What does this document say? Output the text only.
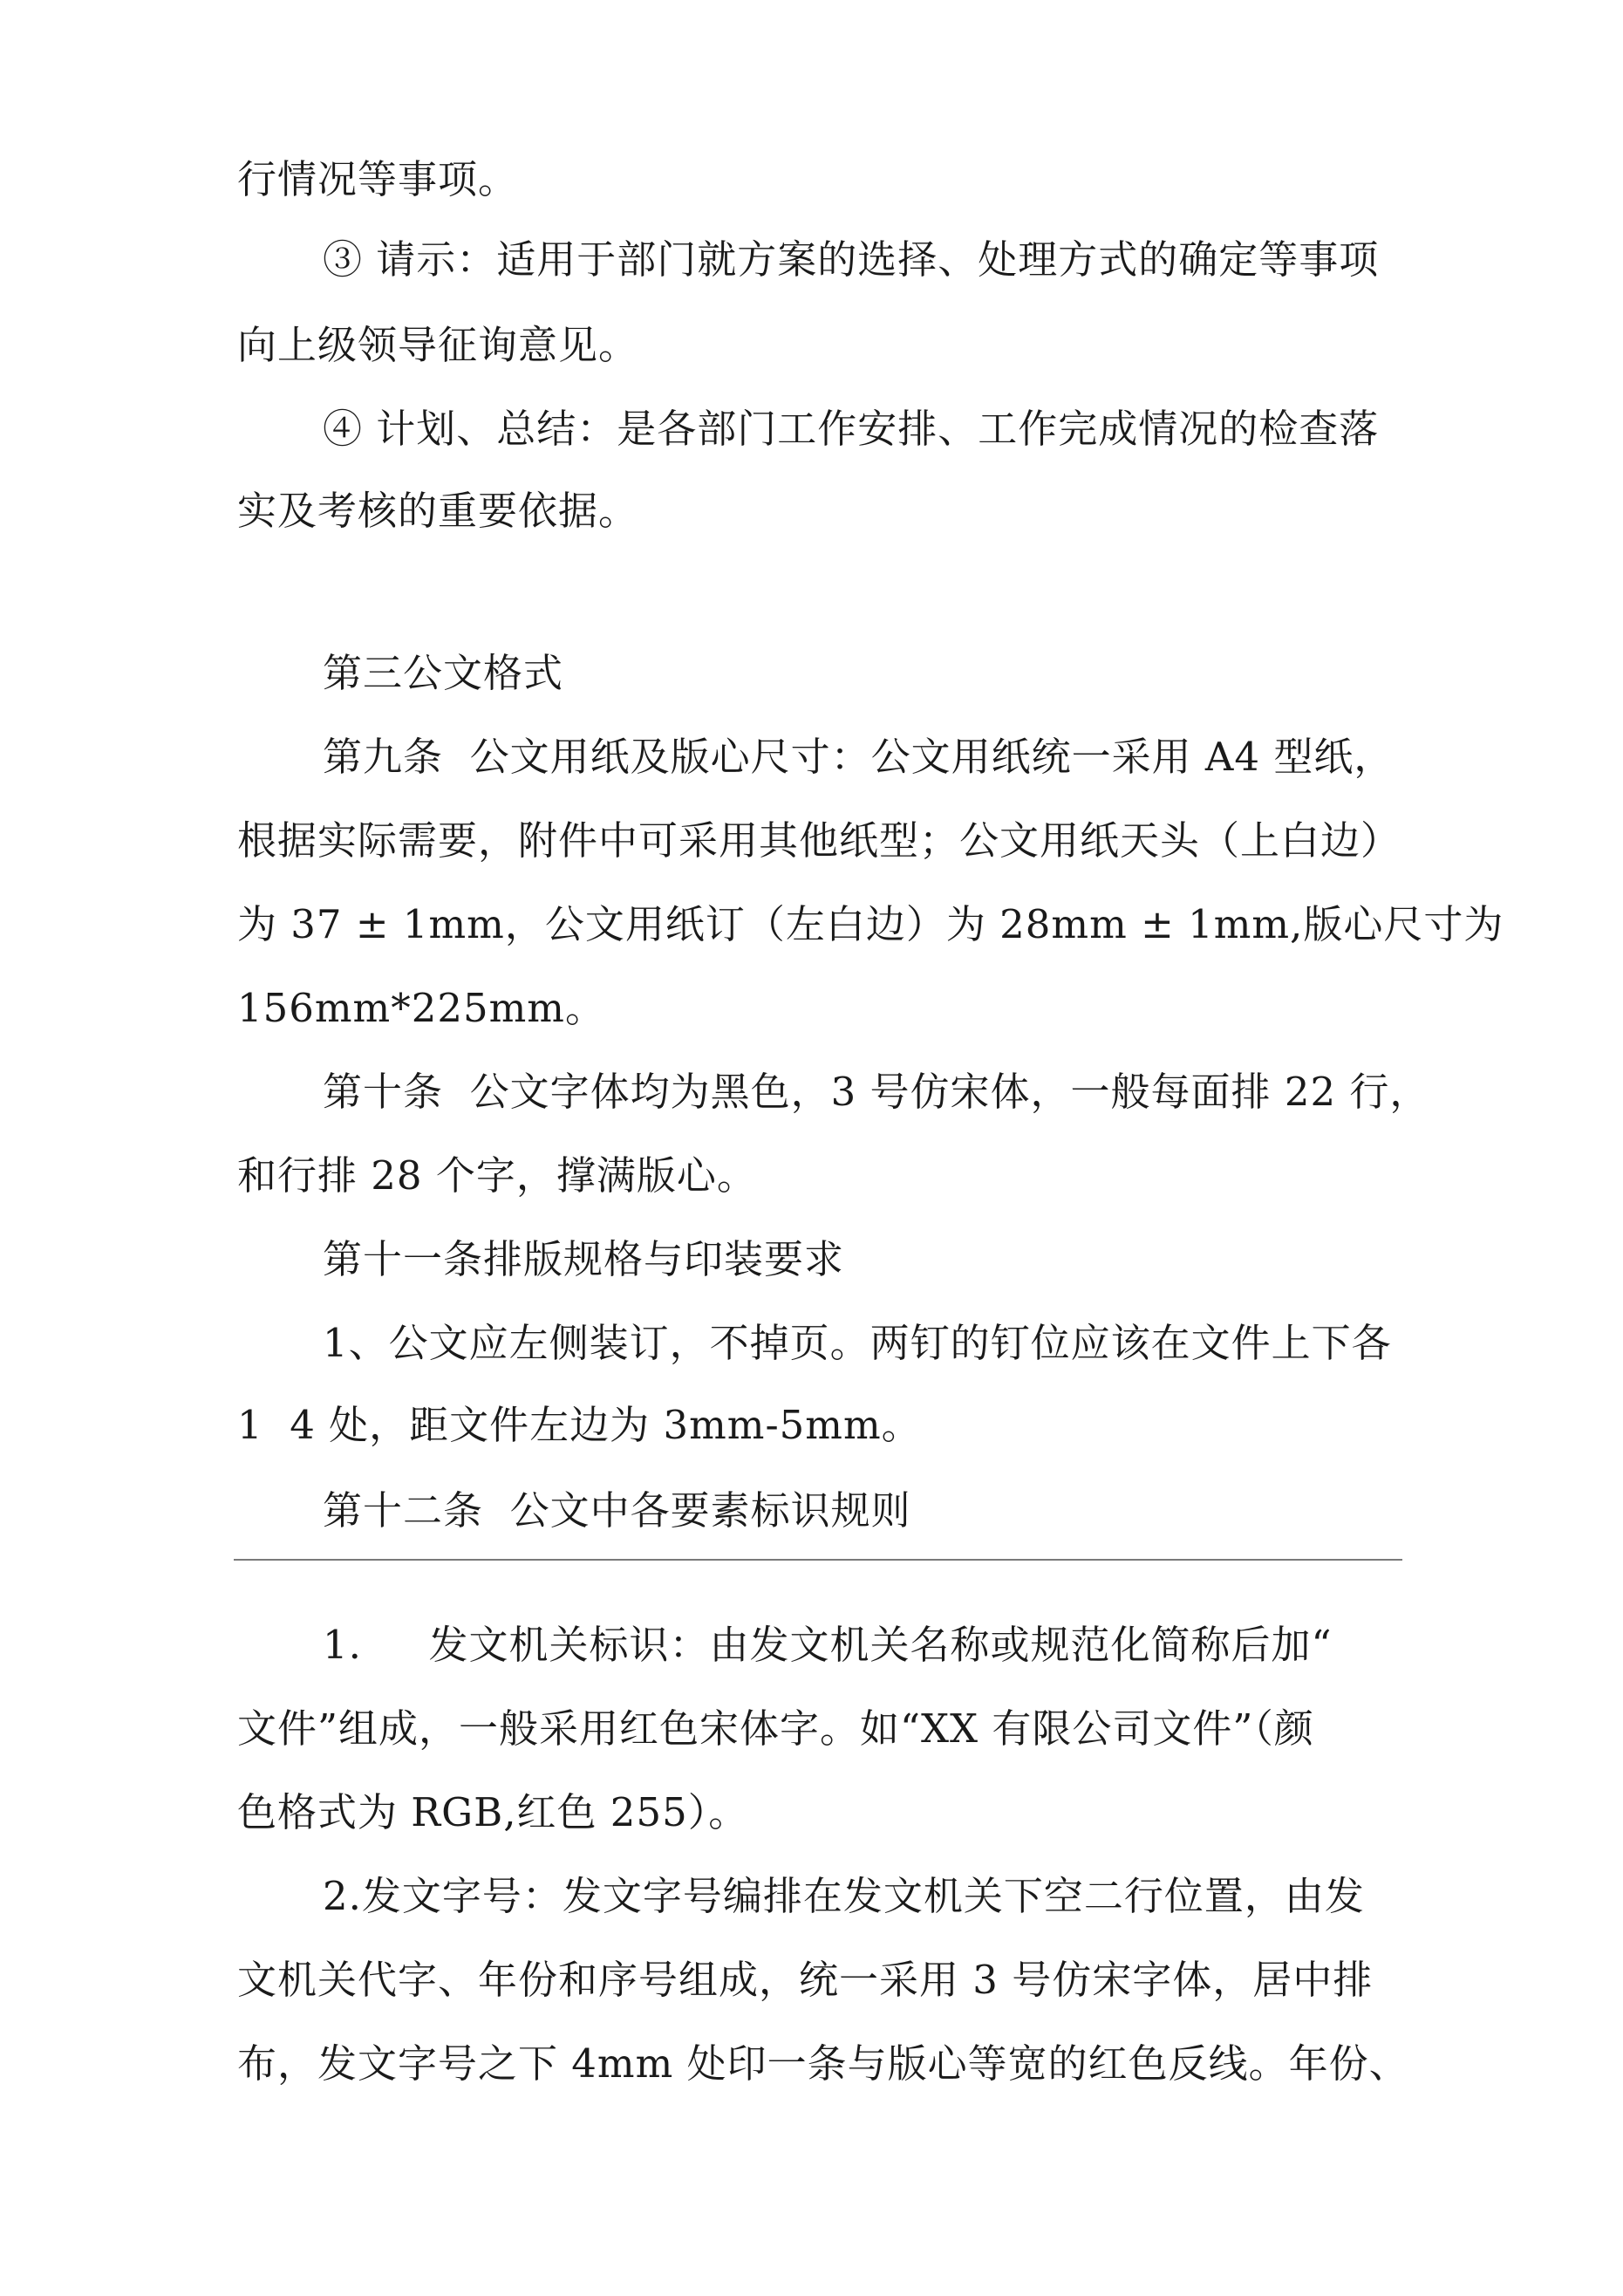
行情况等事项。
③ 请示：适用于部门就方案的选择、处理方式的确定等事项
向上级领导征询意见。
④ 计划、总结：是各部门工作安排、工作完成情况的检查落
实及考核的重要依据。
第三公文格式
第九条  公文用纸及版心尺寸：公文用纸统一采用 A4 型纸，
根据实际需要，附件中可采用其他纸型；公文用纸天头（上白边）
为 37 ± 1mm，公文用纸订（左白边）为 28mm ± 1mm,版心尺寸为
156mm*225mm。
第十条  公文字体均为黑色，3 号仿宋体，一般每面排 22 行，
和行排 28 个字，撑满版心。
第十一条排版规格与印装要求
1、公文应左侧装订，不掉页。两钉的钉位应该在文件上下各
1  4 处，距文件左边为 3mm-5mm。
第十二条  公文中各要素标识规则
1.     发文机关标识：由发文机关名称或规范化简称后加“
文件”组成，一般采用红色宋体字。如“XX 有限公司文件”（颜
色格式为 RGB,红色 255）。
2.发文字号：发文字号编排在发文机关下空二行位置，由发
文机关代字、年份和序号组成，统一采用 3 号仿宋字体，居中排
布，发文字号之下 4mm 处印一条与版心等宽的红色反线。年份、
